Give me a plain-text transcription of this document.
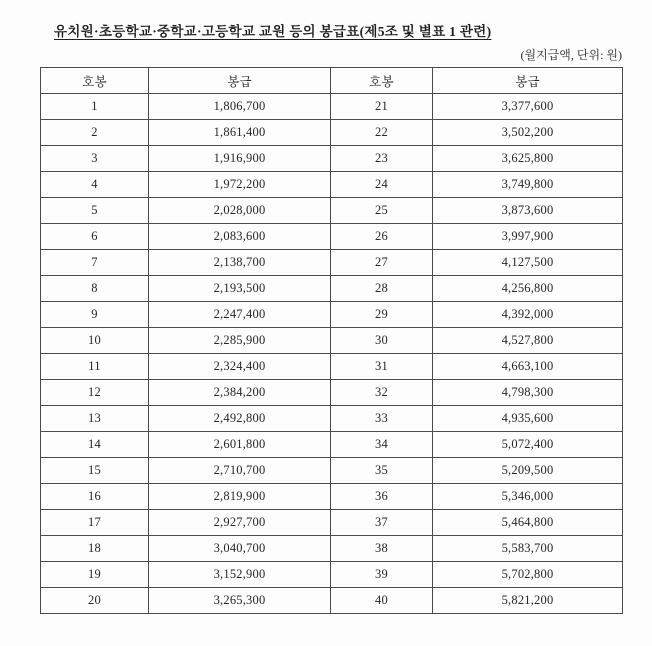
유치원·초등학교·중학교·고등학교 교원 등의 봉급표(제5조 및 별표 1 관련)
(월지급액, 단위: 원)
호봉	봉급	호봉	봉급
1	1,806,700	21	3,377,600
2	1,861,400	22	3,502,200
3	1,916,900	23	3,625,800
4	1,972,200	24	3,749,800
5	2,028,000	25	3,873,600
6	2,083,600	26	3,997,900
7	2,138,700	27	4,127,500
8	2,193,500	28	4,256,800
9	2,247,400	29	4,392,000
10	2,285,900	30	4,527,800
11	2,324,400	31	4,663,100
12	2,384,200	32	4,798,300
13	2,492,800	33	4,935,600
14	2,601,800	34	5,072,400
15	2,710,700	35	5,209,500
16	2,819,900	36	5,346,000
17	2,927,700	37	5,464,800
18	3,040,700	38	5,583,700
19	3,152,900	39	5,702,800
20	3,265,300	40	5,821,200
